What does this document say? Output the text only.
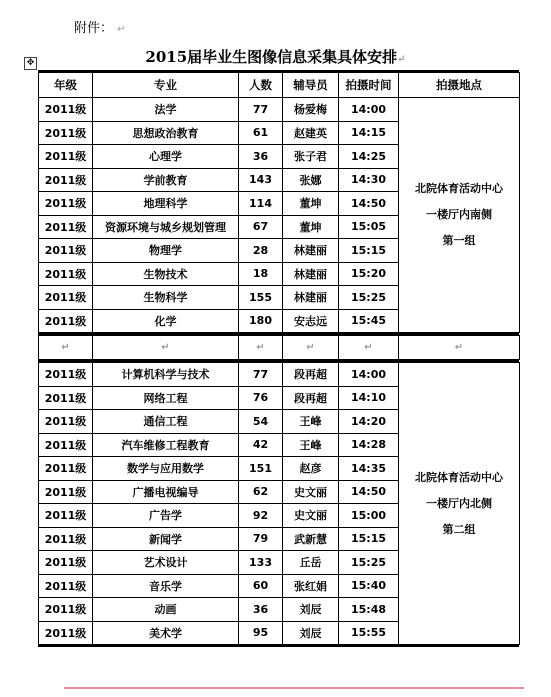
附件： ↵
2015届毕业生图像信息采集具体安排↵
✥
年级	专业	人数	辅导员	拍摄时间	拍摄地点
2011级	法学	77	杨爱梅	14:00	北院体育活动中心
一楼厅内南侧
第一组

2011级	思想政治教育	61	赵建英	14:15	
2011级	心理学	36	张子君	14:25	
2011级	学前教育	143	张娜	14:30	
2011级	地理科学	114	董坤	14:50	
2011级	资源环境与城乡规划管理	67	董坤	15:05	
2011级	物理学	28	林建丽	15:15	
2011级	生物技术	18	林建丽	15:20	
2011级	生物科学	155	林建丽	15:25	
2011级	化学	180	安志远	15:45	
↵	↵	↵	↵	↵	↵
2011级	计算机科学与技术	77	段再超	14:00	北院体育活动中心
一楼厅内北侧
第二组

2011级	网络工程	76	段再超	14:10	
2011级	通信工程	54	王峰	14:20	
2011级	汽车维修工程教育	42	王峰	14:28	
2011级	数学与应用数学	151	赵彦	14:35	
2011级	广播电视编导	62	史文丽	14:50	
2011级	广告学	92	史文丽	15:00	
2011级	新闻学	79	武新慧	15:15	
2011级	艺术设计	133	丘岳	15:25	
2011级	音乐学	60	张红娟	15:40	
2011级	动画	36	刘辰	15:48	
2011级	美术学	95	刘辰	15:55	
